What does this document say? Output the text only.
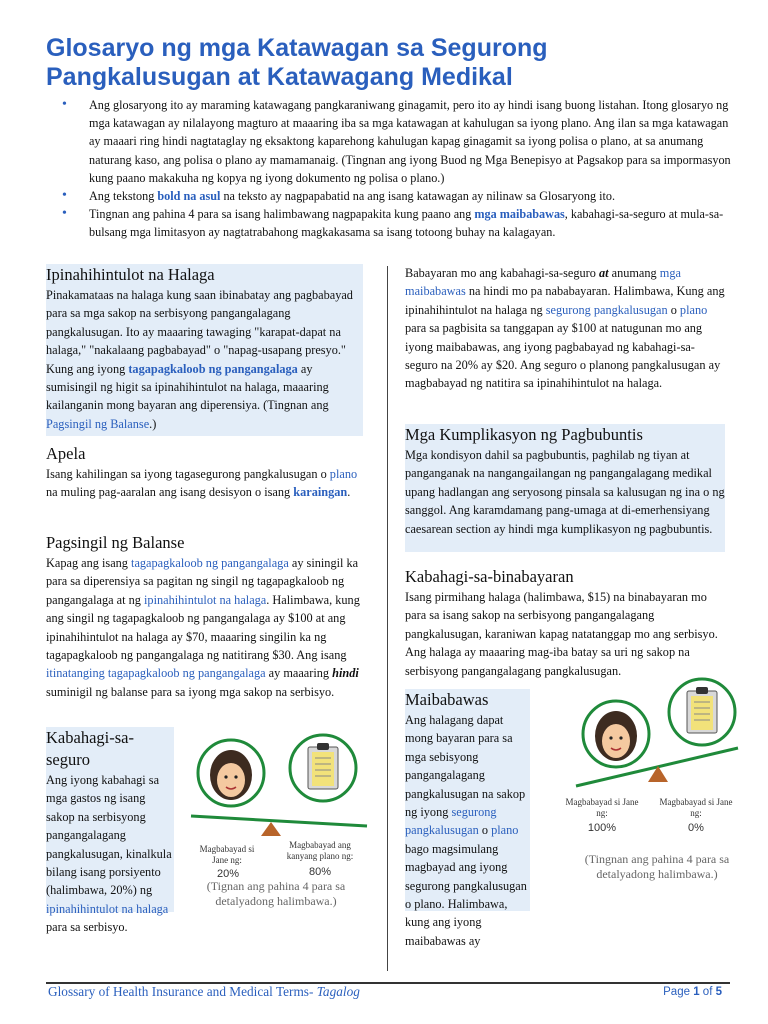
Glosaryo ng mga Katawagan sa Segurong
Pangkalusugan at Katawagang Medikal
• Ang glosaryong ito ay maraming katawagang pangkaraniwang ginagamit, pero ito ay hindi isang buong listahan. Itong glosaryo ng mga katawagan ay nilalayong magturo at maaaring iba sa mga katawagan at kahulugan sa iyong plano. Ang ilan sa mga katawagan ay maaari ring hindi nagtataglay ng eksaktong kaparehong kahulugan kapag ginagamit sa iyong polisa o plano, at sa anumang naturang kaso, ang polisa o plano ay mamamanaig. (Tingnan ang iyong Buod ng Mga Benepisyo at Pagsakop para sa impormasyon kung paano makakuha ng kopya ng iyong dokumento ng polisa o plano.)
• Ang tekstong bold na asul na teksto ay nagpapabatid na ang isang katawagan ay nilinaw sa Glosaryong ito.
• Tingnan ang pahina 4 para sa isang halimbawang nagpapakita kung paano ang mga maibabawas, kabahagi-sa-seguro at mula-sa-bulsang mga limitasyon ay nagtatrabahong magkakasama sa isang totoong buhay na kalagayan.
Ipinahihintulot na Halaga

Pinakamataas na halaga kung saan ibinabatay ang pagbabayad para sa mga sakop na serbisyong pangangalagang pangkalusugan. Ito ay maaaring tawaging "karapat-dapat na halaga," "nakalaang pagbabayad" o "napag-usapang presyo." Kung ang iyong tagapagkaloob ng pangangalaga ay sumisingil ng higit sa ipinahihintulot na halaga, maaaring kailanganin mong bayaran ang diperensiya. (Tingnan ang Pagsingil ng Balanse.)

Apela

Isang kahilingan sa iyong tagasegurong pangkalusugan o plano na muling pag-aaralan ang isang desisyon o isang karaingan.

Pagsingil ng Balanse

Kapag ang isang tagapagkaloob ng pangangalaga ay siningil ka para sa diperensiya sa pagitan ng singil ng tagapagkaloob ng pangangalaga at ng ipinahihintulot na halaga. Halimbawa, kung ang singil ng tagapagkaloob ng pangangalaga ay $100 at ang ipinahihintulot na halaga ay $70, maaaring singilin ka ng tagapagkaloob ng pangangalaga ng natitirang $30. Ang isang itinatanging tagapagkaloob ng pangangalaga ay maaaring hindi suminigil ng balanse para sa iyong mga sakop na serbisyo.

Kabahagi-sa-seguro

Ang iyong kabahagi sa mga gastos ng isang sakop na serbisyong pangangalagang pangkalusugan, kinalkula bilang isang porsiyento (halimbawa, 20%) ng ipinahihintulot na halaga para sa serbisyo.

Magbabayad si Jane ng:
Magbabayad ang kanyang plano ng:
20%	80%
(Tignan ang pahina 4 para sa detalyadong halimbawa.)

Babayaran mo ang kabahagi-sa-seguro at anumang mga maibabawas na hindi mo pa nababayaran. Halimbawa, Kung ang ipinahihintulot na halaga ng segurong pangkalusugan o plano para sa pagbisita sa tanggapan ay $100 at natugunan mo ang iyong maibabawas, ang iyong pagbabayad ng kabahagi-sa-seguro na 20% ay $20. Ang seguro o planong pangkalusugan ay magbabayad ng natitira sa ipinahihintulot na halaga.

Mga Kumplikasyon ng Pagbubuntis

Mga kondisyon dahil sa pagbubuntis, paghilab ng tiyan at panganganak na nangangailangan ng pangangalagang medikal upang hadlangan ang seryosong pinsala sa kalusugan ng ina o ng sanggol. Ang karamdamang pang-umaga at di-emerhensiyang caesarean section ay hindi mga kumplikasyon ng pagbubuntis.

Kabahagi-sa-binabayaran

Isang pirmihang halaga (halimbawa, $15) na binabayaran mo para sa isang sakop na serbisyong pangangalagang pangkalusugan, karaniwan kapag natatanggap mo ang serbisyo. Ang halaga ay maaaring mag-iba batay sa uri ng sakop na serbisyong pangangalagang pangkalusugan.

Maibabawas

Ang halagang dapat mong bayaran para sa mga sebisyong pangangalagang pangkalusugan na sakop ng iyong segurong pangkalusugan o plano bago magsimulang magbayad ang iyong segurong pangkalusugan o plano. Halimbawa, kung ang iyong maibabawas ay

Magbabayad si Jane ng:
Magbabayad si Jane ng:
100%	0%
(Tingnan ang pahina 4 para sa detalyadong halimbawa.)
Glossary of Health Insurance and Medical Terms- Tagalog	Page 1 of 5
